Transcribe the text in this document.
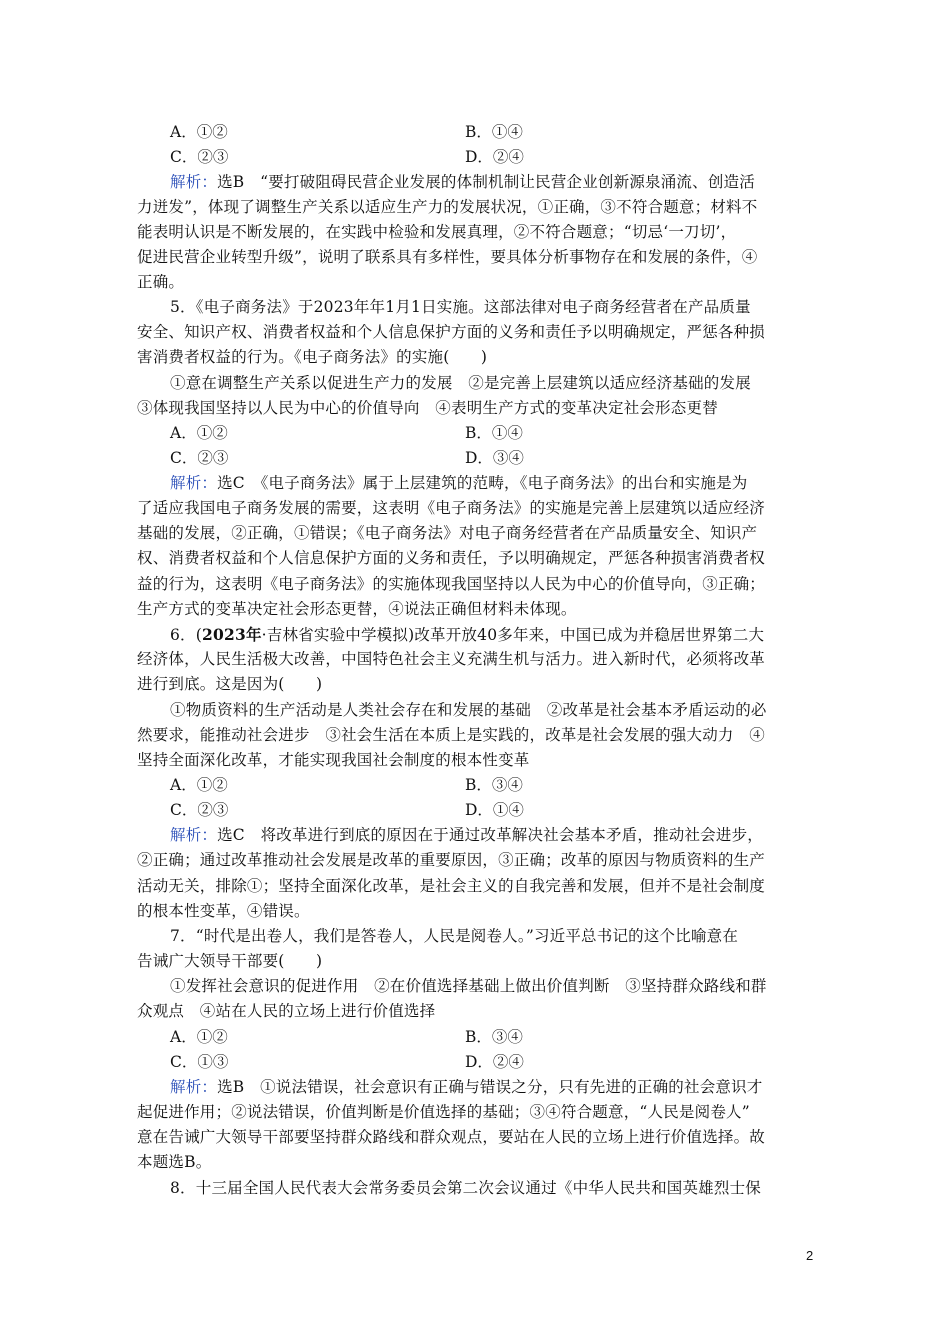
A．①②	B．①④
C．②③	D．②④
解析：选B　“要打破阻碍民营企业发展的体制机制让民营企业创新源泉涌流、创造活
力迸发”，体现了调整生产关系以适应生产力的发展状况，①正确，③不符合题意；材料不
能表明认识是不断发展的，在实践中检验和发展真理，②不符合题意；“切忌‘一刀切’，
促进民营企业转型升级”，说明了联系具有多样性，要具体分析事物存在和发展的条件，④
正确。
5．《电子商务法》于2023年年1月1日实施。这部法律对电子商务经营者在产品质量
安全、知识产权、消费者权益和个人信息保护方面的义务和责任予以明确规定，严惩各种损
害消费者权益的行为。《电子商务法》的实施(　　)
①意在调整生产关系以促进生产力的发展　②是完善上层建筑以适应经济基础的发展
③体现我国坚持以人民为中心的价值导向　④表明生产方式的变革决定社会形态更替
A．①②	B．①④
C．②③	D．③④
解析：选C　《电子商务法》属于上层建筑的范畴，《电子商务法》的出台和实施是为
了适应我国电子商务发展的需要，这表明《电子商务法》的实施是完善上层建筑以适应经济
基础的发展，②正确，①错误；《电子商务法》对电子商务经营者在产品质量安全、知识产
权、消费者权益和个人信息保护方面的义务和责任，予以明确规定，严惩各种损害消费者权
益的行为，这表明《电子商务法》的实施体现我国坚持以人民为中心的价值导向，③正确；
生产方式的变革决定社会形态更替，④说法正确但材料未体现。
6．(2023年·吉林省实验中学模拟)改革开放40多年来，中国已成为并稳居世界第二大
经济体，人民生活极大改善，中国特色社会主义充满生机与活力。进入新时代，必须将改革
进行到底。这是因为(　　)
①物质资料的生产活动是人类社会存在和发展的基础　②改革是社会基本矛盾运动的必
然要求，能推动社会进步　③社会生活在本质上是实践的，改革是社会发展的强大动力　④
坚持全面深化改革，才能实现我国社会制度的根本性变革
A．①②	B．③④
C．②③	D．①④
解析：选C　将改革进行到底的原因在于通过改革解决社会基本矛盾，推动社会进步，
②正确；通过改革推动社会发展是改革的重要原因，③正确；改革的原因与物质资料的生产
活动无关，排除①；坚持全面深化改革，是社会主义的自我完善和发展，但并不是社会制度
的根本性变革，④错误。
7．“时代是出卷人，我们是答卷人，人民是阅卷人。”习近平总书记的这个比喻意在
告诫广大领导干部要(　　)
①发挥社会意识的促进作用　②在价值选择基础上做出价值判断　③坚持群众路线和群
众观点　④站在人民的立场上进行价值选择
A．①②	B．③④
C．①③	D．②④
解析：选B　①说法错误，社会意识有正确与错误之分，只有先进的正确的社会意识才
起促进作用；②说法错误，价值判断是价值选择的基础；③④符合题意，“人民是阅卷人”
意在告诫广大领导干部要坚持群众路线和群众观点，要站在人民的立场上进行价值选择。故
本题选B。
8．十三届全国人民代表大会常务委员会第二次会议通过《中华人民共和国英雄烈士保
2
